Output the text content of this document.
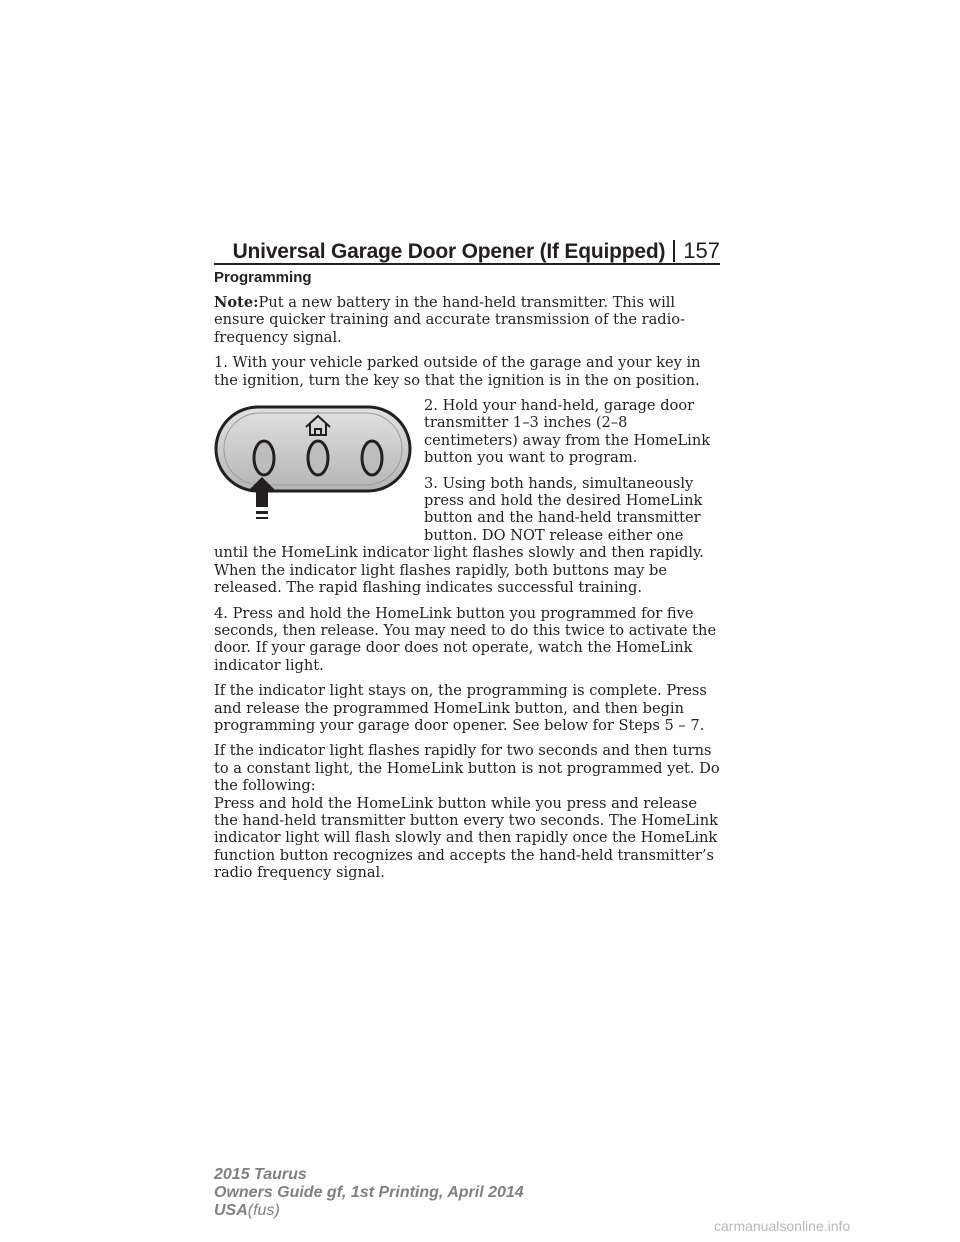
Universal Garage Door Opener (If Equipped) 157
Programming

Note:Put a new battery in the hand-held transmitter. This will ensure quicker training and accurate transmission of the radio-frequency signal.

1. With your vehicle parked outside of the garage and your key in the ignition, turn the key so that the ignition is in the on position.

2. Hold your hand-held, garage door transmitter 1–3 inches (2–8 centimeters) away from the HomeLink button you want to program.

3. Using both hands, simultaneously press and hold the desired HomeLink button and the hand-held transmitter button. DO NOT release either one until the HomeLink indicator light flashes slowly and then rapidly. When the indicator light flashes rapidly, both buttons may be released. The rapid flashing indicates successful training.

4. Press and hold the HomeLink button you programmed for five seconds, then release. You may need to do this twice to activate the door. If your garage door does not operate, watch the HomeLink indicator light.

If the indicator light stays on, the programming is complete. Press and release the programmed HomeLink button, and then begin programming your garage door opener. See below for Steps 5 – 7.

If the indicator light flashes rapidly for two seconds and then turns to a constant light, the HomeLink button is not programmed yet. Do the following:

Press and hold the HomeLink button while you press and release the hand-held transmitter button every two seconds. The HomeLink indicator light will flash slowly and then rapidly once the HomeLink function button recognizes and accepts the hand-held transmitter’s radio frequency signal.

2015 Taurus
Owners Guide gf, 1st Printing, April 2014
USA(fus)
carmanualsonline.info
